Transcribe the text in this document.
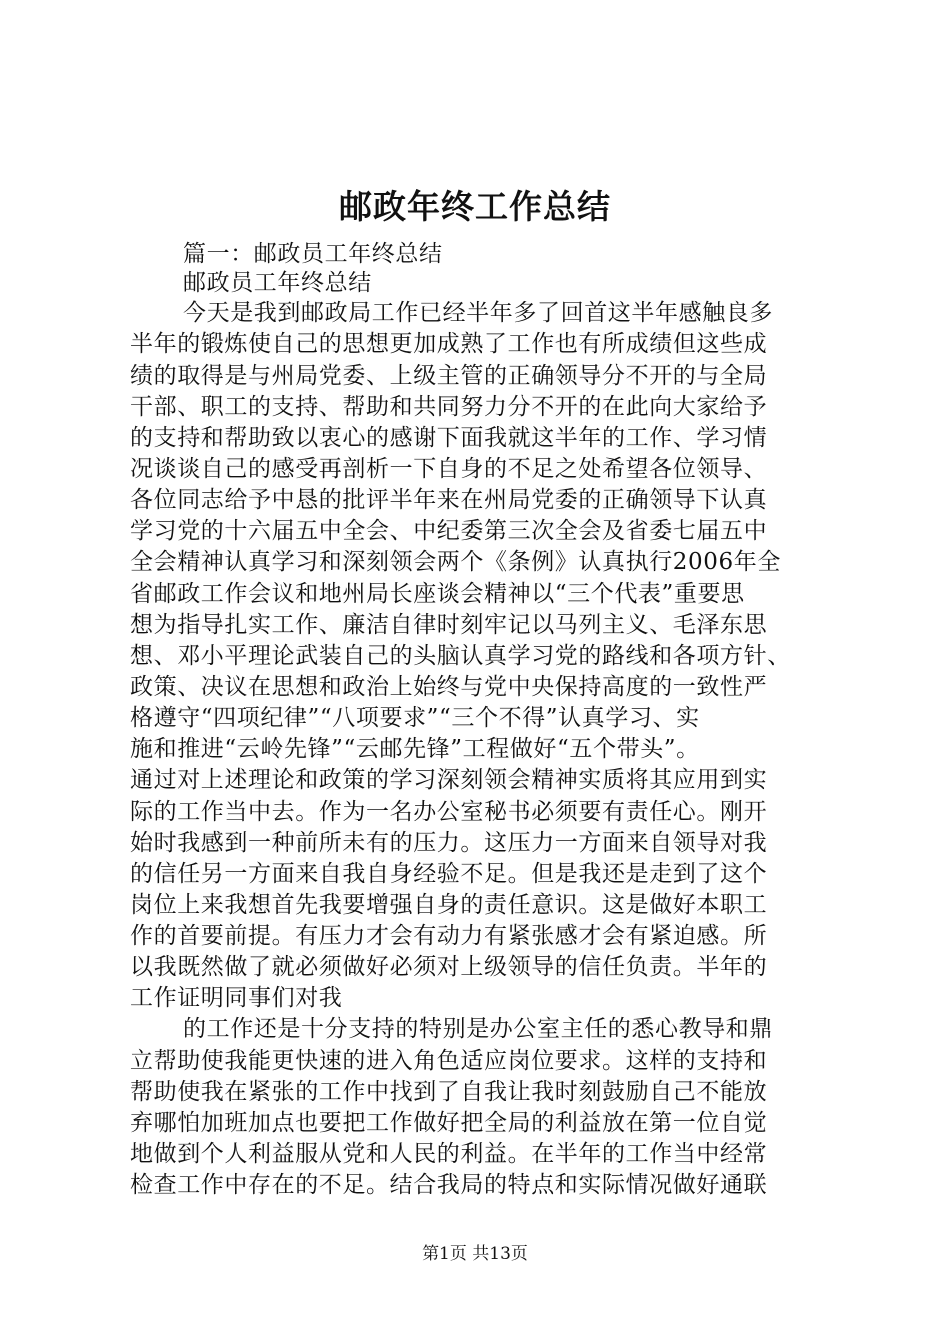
邮政年终工作总结
篇一：邮政员工年终总结
邮政员工年终总结
今天是我到邮政局工作已经半年多了回首这半年感触良多
半年的锻炼使自己的思想更加成熟了工作也有所成绩但这些成
绩的取得是与州局党委、上级主管的正确领导分不开的与全局
干部、职工的支持、帮助和共同努力分不开的在此向大家给予
的支持和帮助致以衷心的感谢下面我就这半年的工作、学习情
况谈谈自己的感受再剖析一下自身的不足之处希望各位领导、
各位同志给予中恳的批评半年来在州局党委的正确领导下认真
学习党的十六届五中全会、中纪委第三次全会及省委七届五中
全会精神认真学习和深刻领会两个《条例》认真执行2006年全
省邮政工作会议和地州局长座谈会精神以“三个代表”重要思
想为指导扎实工作、廉洁自律时刻牢记以马列主义、毛泽东思
想、邓小平理论武装自己的头脑认真学习党的路线和各项方针、
政策、决议在思想和政治上始终与党中央保持高度的一致性严
格遵守“四项纪律”“八项要求”“三个不得”认真学习、实
施和推进“云岭先锋”“云邮先锋”工程做好“五个带头”。
通过对上述理论和政策的学习深刻领会精神实质将其应用到实
际的工作当中去。作为一名办公室秘书必须要有责任心。刚开
始时我感到一种前所未有的压力。这压力一方面来自领导对我
的信任另一方面来自我自身经验不足。但是我还是走到了这个
岗位上来我想首先我要增强自身的责任意识。这是做好本职工
作的首要前提。有压力才会有动力有紧张感才会有紧迫感。所
以我既然做了就必须做好必须对上级领导的信任负责。半年的
工作证明同事们对我
的工作还是十分支持的特别是办公室主任的悉心教导和鼎
立帮助使我能更快速的进入角色适应岗位要求。这样的支持和
帮助使我在紧张的工作中找到了自我让我时刻鼓励自己不能放
弃哪怕加班加点也要把工作做好把全局的利益放在第一位自觉
地做到个人利益服从党和人民的利益。在半年的工作当中经常
检查工作中存在的不足。结合我局的特点和实际情况做好通联
第1页 共13页
